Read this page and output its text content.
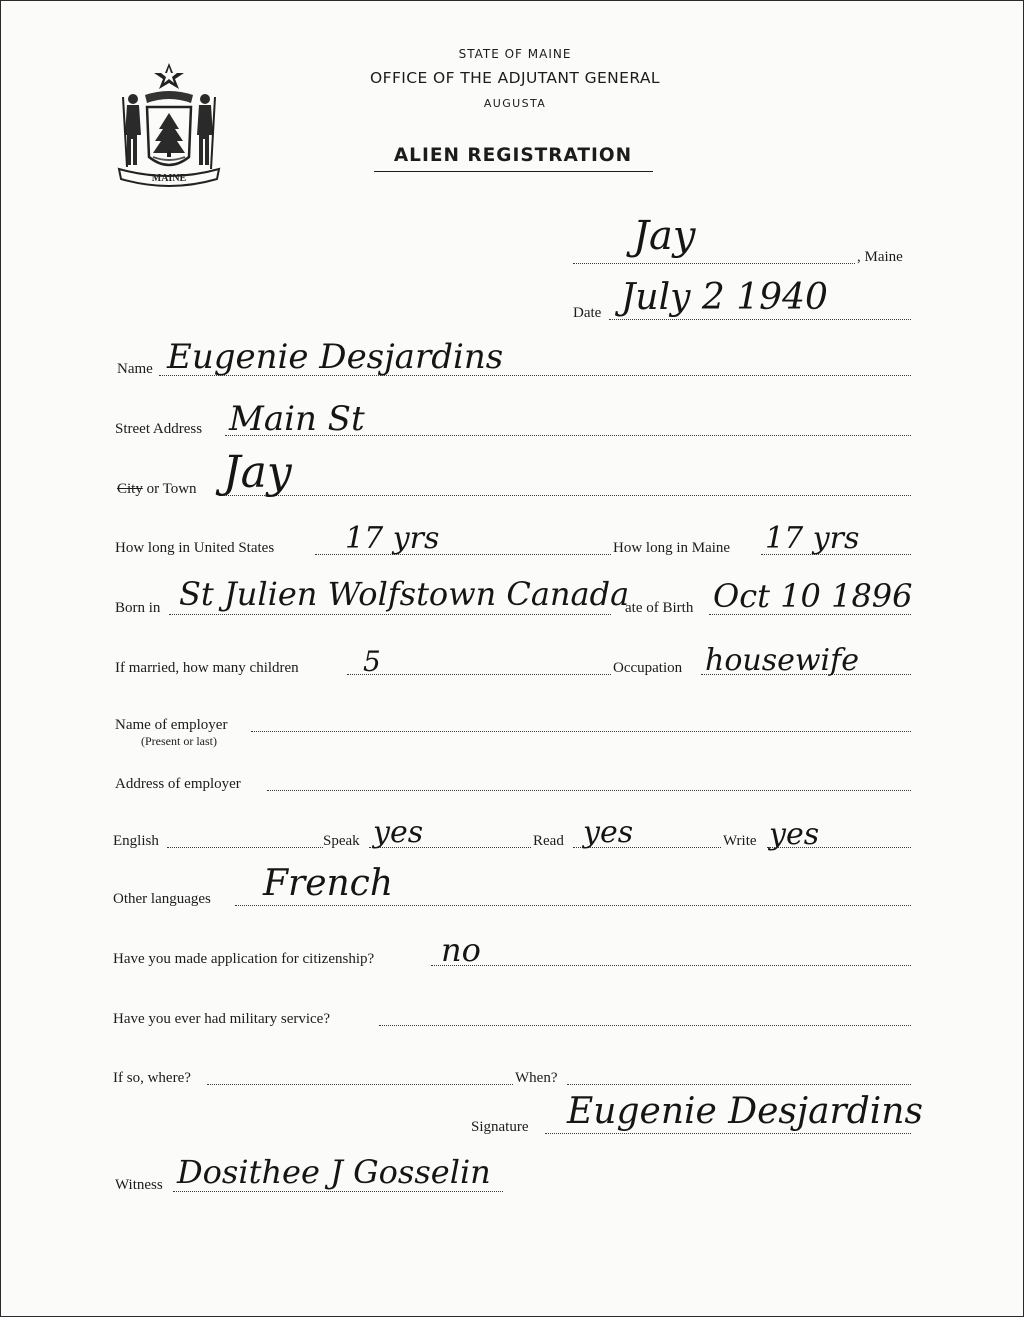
MAINE
STATE OF MAINE
OFFICE OF THE ADJUTANT GENERAL
AUGUSTA
ALIEN REGISTRATION
Jay	, Maine
Date July 2 1940
Name Eugenie Desjardins
Street Address Main St
City or Town Jay
How long in United States 17 yrs	How long in Maine 17 yrs
Born in St Julien Wolfstown Canada
ate of Birth Oct 10 1896
If married, how many children 5	Occupation housewife
Name of employer
(Present or last)
Address of employer
English	Speak yes	Read yes	Write yes
Other languages French
Have you made application for citizenship? no
Have you ever had military service?
If so, where?	When?
Signature Eugenie Desjardins
Witness Dosithee J Gosselin
